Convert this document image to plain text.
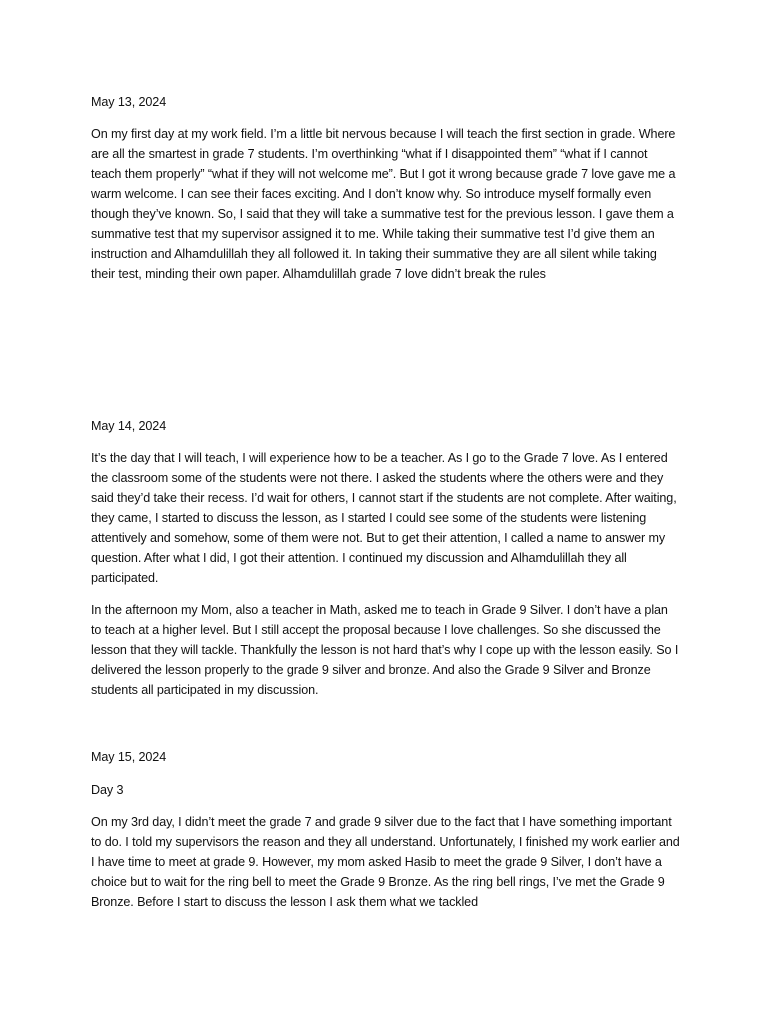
May 13, 2024

On my first day at my work field. I’m a little bit nervous because I will teach the first section in grade. Where are all the smartest in grade 7 students. I’m overthinking “what if I disappointed them” “what if I cannot teach them properly” “what if they will not welcome me”. But I got it wrong because grade 7 love gave me a warm welcome. I can see their faces exciting. And I don’t know why. So introduce myself formally even though they’ve known. So, I said that they will take a summative test for the previous lesson. I gave them a summative test that my supervisor assigned it to me. While taking their summative test I’d give them an instruction and Alhamdulillah they all followed it. In taking their summative they are all silent while taking their test, minding their own paper. Alhamdulillah grade 7 love didn’t break the rules

May 14, 2024

It’s the day that I will teach, I will experience how to be a teacher. As I go to the Grade 7 love. As I entered the classroom some of the students were not there. I asked the students where the others were and they said they’d take their recess. I’d wait for others, I cannot start if the students are not complete. After waiting, they came, I started to discuss the lesson, as I started I could see some of the students were listening attentively and somehow, some of them were not. But to get their attention, I called a name to answer my question. After what I did, I got their attention. I continued my discussion and Alhamdulillah they all participated.

In the afternoon my Mom, also a teacher in Math, asked me to teach in Grade 9 Silver. I don’t have a plan to teach at a higher level. But I still accept the proposal because I love challenges. So she discussed the lesson that they will tackle. Thankfully the lesson is not hard that’s why I cope up with the lesson easily. So I delivered the lesson properly to the grade 9 silver and bronze. And also the Grade 9 Silver and Bronze students all participated in my discussion.

May 15, 2024

Day 3

On my 3rd day, I didn’t meet the grade 7 and grade 9 silver due to the fact that I have something important to do. I told my supervisors the reason and they all understand. Unfortunately, I finished my work earlier and I have time to meet at grade 9. However, my mom asked Hasib to meet the grade 9 Silver, I don’t have a choice but to wait for the ring bell to meet the Grade 9 Bronze. As the ring bell rings, I’ve met the Grade 9 Bronze. Before I start to discuss the lesson I ask them what we tackled
